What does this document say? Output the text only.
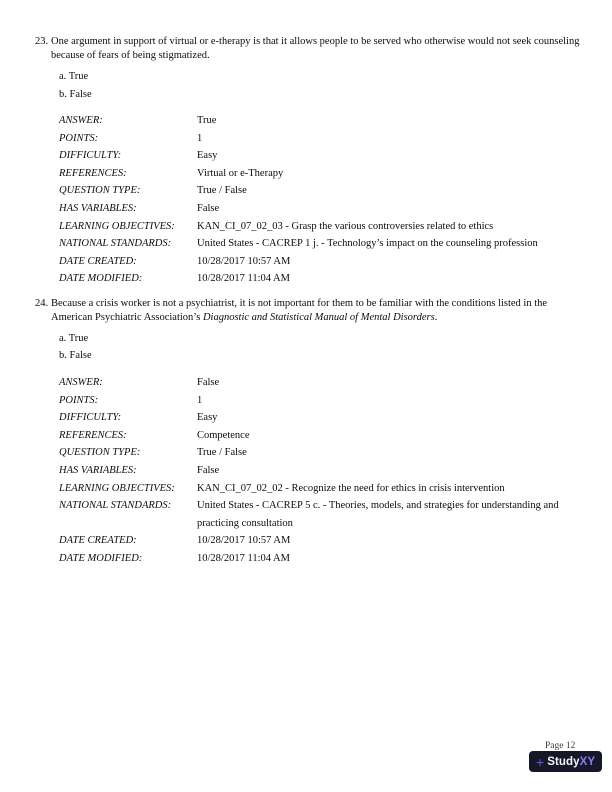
23. One argument in support of virtual or e-therapy is that it allows people to be served who otherwise would not seek counseling because of fears of being stigmatized.
a. True
b. False
ANSWER:	True
POINTS:	1
DIFFICULTY:	Easy
REFERENCES:	Virtual or e-Therapy
QUESTION TYPE:	True / False
HAS VARIABLES:	False
LEARNING OBJECTIVES:	KAN_CI_07_02_03 - Grasp the various controversies related to ethics
NATIONAL STANDARDS:	United States - CACREP 1 j. - Technology’s impact on the counseling profession
DATE CREATED:	10/28/2017 10:57 AM
DATE MODIFIED:	10/28/2017 11:04 AM
24. Because a crisis worker is not a psychiatrist, it is not important for them to be familiar with the conditions listed in the American Psychiatric Association’s Diagnostic and Statistical Manual of Mental Disorders.
a. True
b. False
ANSWER:	False
POINTS:	1
DIFFICULTY:	Easy
REFERENCES:	Competence
QUESTION TYPE:	True / False
HAS VARIABLES:	False
LEARNING OBJECTIVES:	KAN_CI_07_02_02 - Recognize the need for ethics in crisis intervention
NATIONAL STANDARDS:	United States - CACREP 5 c. - Theories, models, and strategies for understanding and practicing consultation
DATE CREATED:	10/28/2017 10:57 AM
DATE MODIFIED:	10/28/2017 11:04 AM
Page 12
+ StudyXY
